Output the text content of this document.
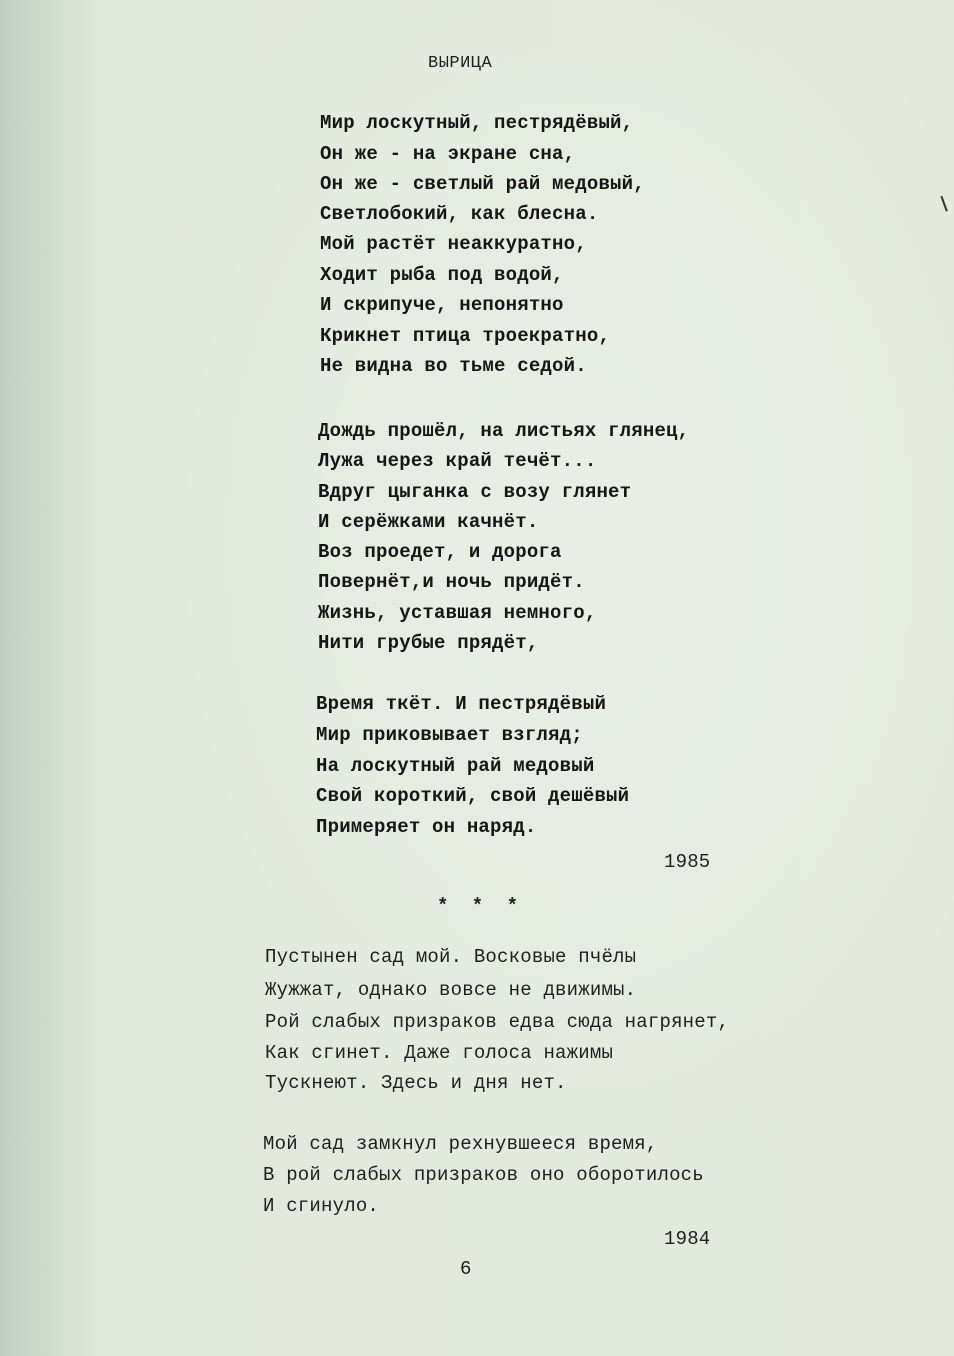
ВЫРИЦА
Мир лоскутный, пестрядёвый,
Он же - на экране сна,
Он же - светлый рай медовый,
Светлобокий, как блесна.
Мой растёт неаккуратно,
Ходит рыба под водой,
И скрипуче, непонятно
Крикнет птица троекратно,
Не видна во тьме седой.
Дождь прошёл, на листьях глянец,
Лужа через край течёт...
Вдруг цыганка с возу глянет
И серёжками качнёт.
Воз проедет, и дорога
Повернёт,и ночь придёт.
Жизнь, уставшая немного,
Нити грубые прядёт,
Время ткёт. И пестрядёвый
Мир приковывает взгляд;
На лоскутный рай медовый
Свой короткий, свой дешёвый
Примеряет он наряд.
1985
* * *
Пустынен сад мой. Восковые пчёлы
Жужжат, однако вовсе не движимы.
Рой слабых призраков едва сюда нагрянет,
Как сгинет. Даже голоса нажимы
Тускнеют. Здесь и дня нет.
Мой сад замкнул рехнувшееся время,
В рой слабых призраков оно оборотилось
И сгинуло.
1984
6
